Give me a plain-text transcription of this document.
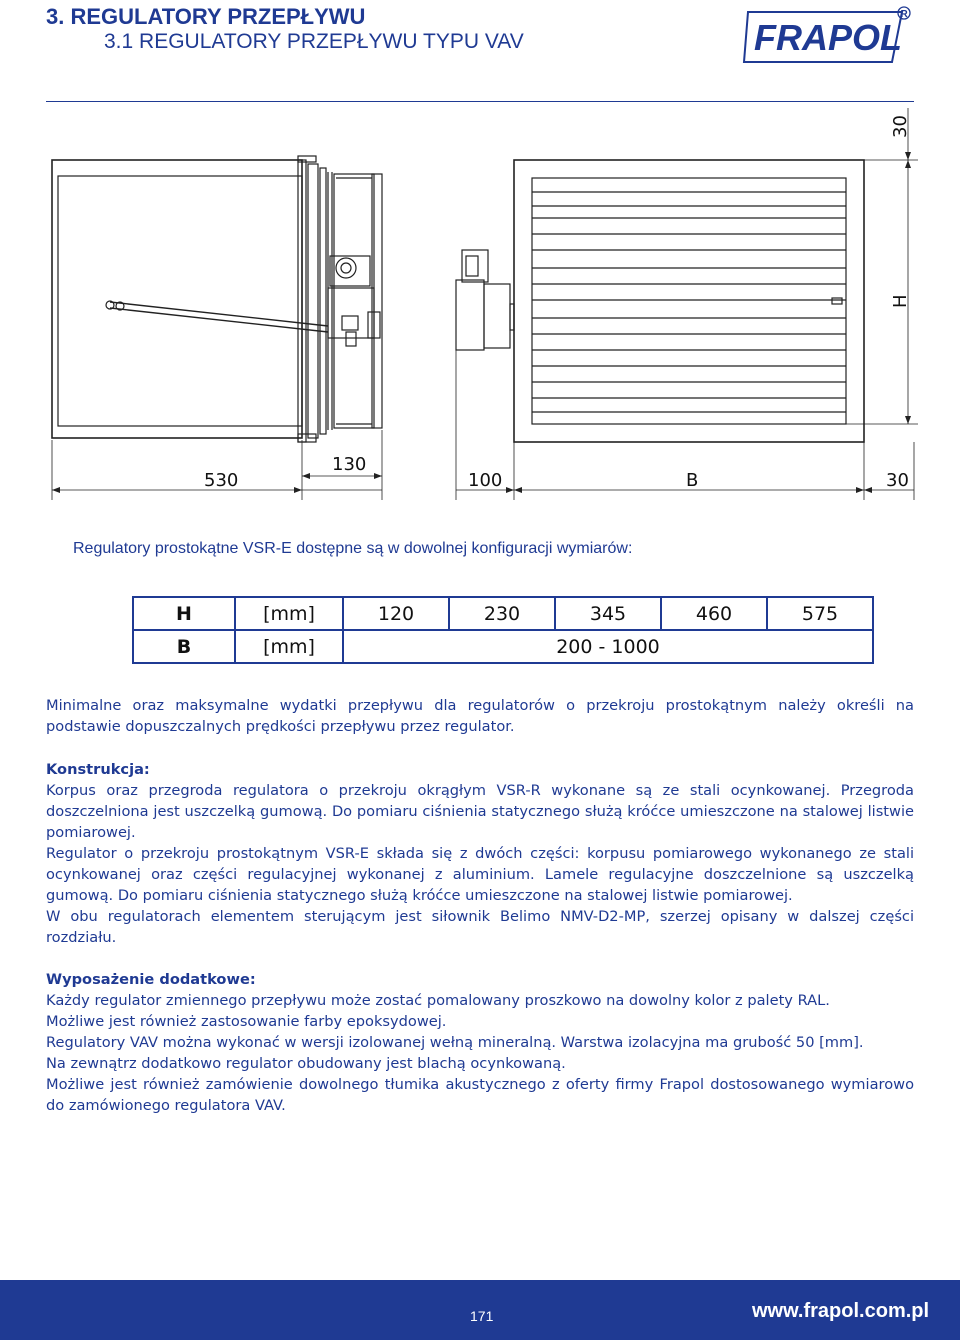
3. REGULATORY PRZEPŁYWU
3.1 REGULATORY PRZEPŁYWU TYPU VAV	FRAPOL
R
530
130
100	B	30
30
H
Regulatory prostokątne VSR-E dostępne są w dowolnej konfiguracji wymiarów:
H	[mm]	120	230	345	460	575
B	[mm]	200 - 1000				

Minimalne oraz maksymalne wydatki przepływu dla regulatorów o przekroju prostokątnym należy określi na podstawie dopuszczalnych prędkości przepływu przez regulator.

Konstrukcja:

Korpus oraz przegroda regulatora o przekroju okrągłym VSR-R wykonane są ze stali ocynkowanej. Przegroda doszczelniona jest uszczelką gumową. Do pomiaru ciśnienia statycznego służą króćce umieszczone na stalowej listwie pomiarowej.

Regulator o przekroju prostokątnym VSR-E składa się z dwóch części: korpusu pomiarowego wykonanego ze stali ocynkowanej oraz części regulacyjnej wykonanej z aluminium. Lamele regulacyjne doszczelnione są uszczelką gumową. Do pomiaru ciśnienia statycznego służą króćce umieszczone na stalowej listwie pomiarowej.

W obu regulatorach elementem sterującym jest siłownik Belimo NMV-D2-MP, szerzej opisany w dalszej części rozdziału.

Wyposażenie dodatkowe:

Każdy regulator zmiennego przepływu może zostać pomalowany proszkowo na dowolny kolor z palety RAL.

Możliwe jest również zastosowanie farby epoksydowej.

Regulatory VAV można wykonać w wersji izolowanej wełną mineralną. Warstwa izolacyjna ma grubość 50 [mm].

Na zewnątrz dodatkowo regulator obudowany jest blachą ocynkowaną.

Możliwe jest również zamówienie dowolnego tłumika akustycznego z oferty firmy Frapol dostosowanego wymiarowo do zamówionego regulatora VAV.

171	www.frapol.com.pl
